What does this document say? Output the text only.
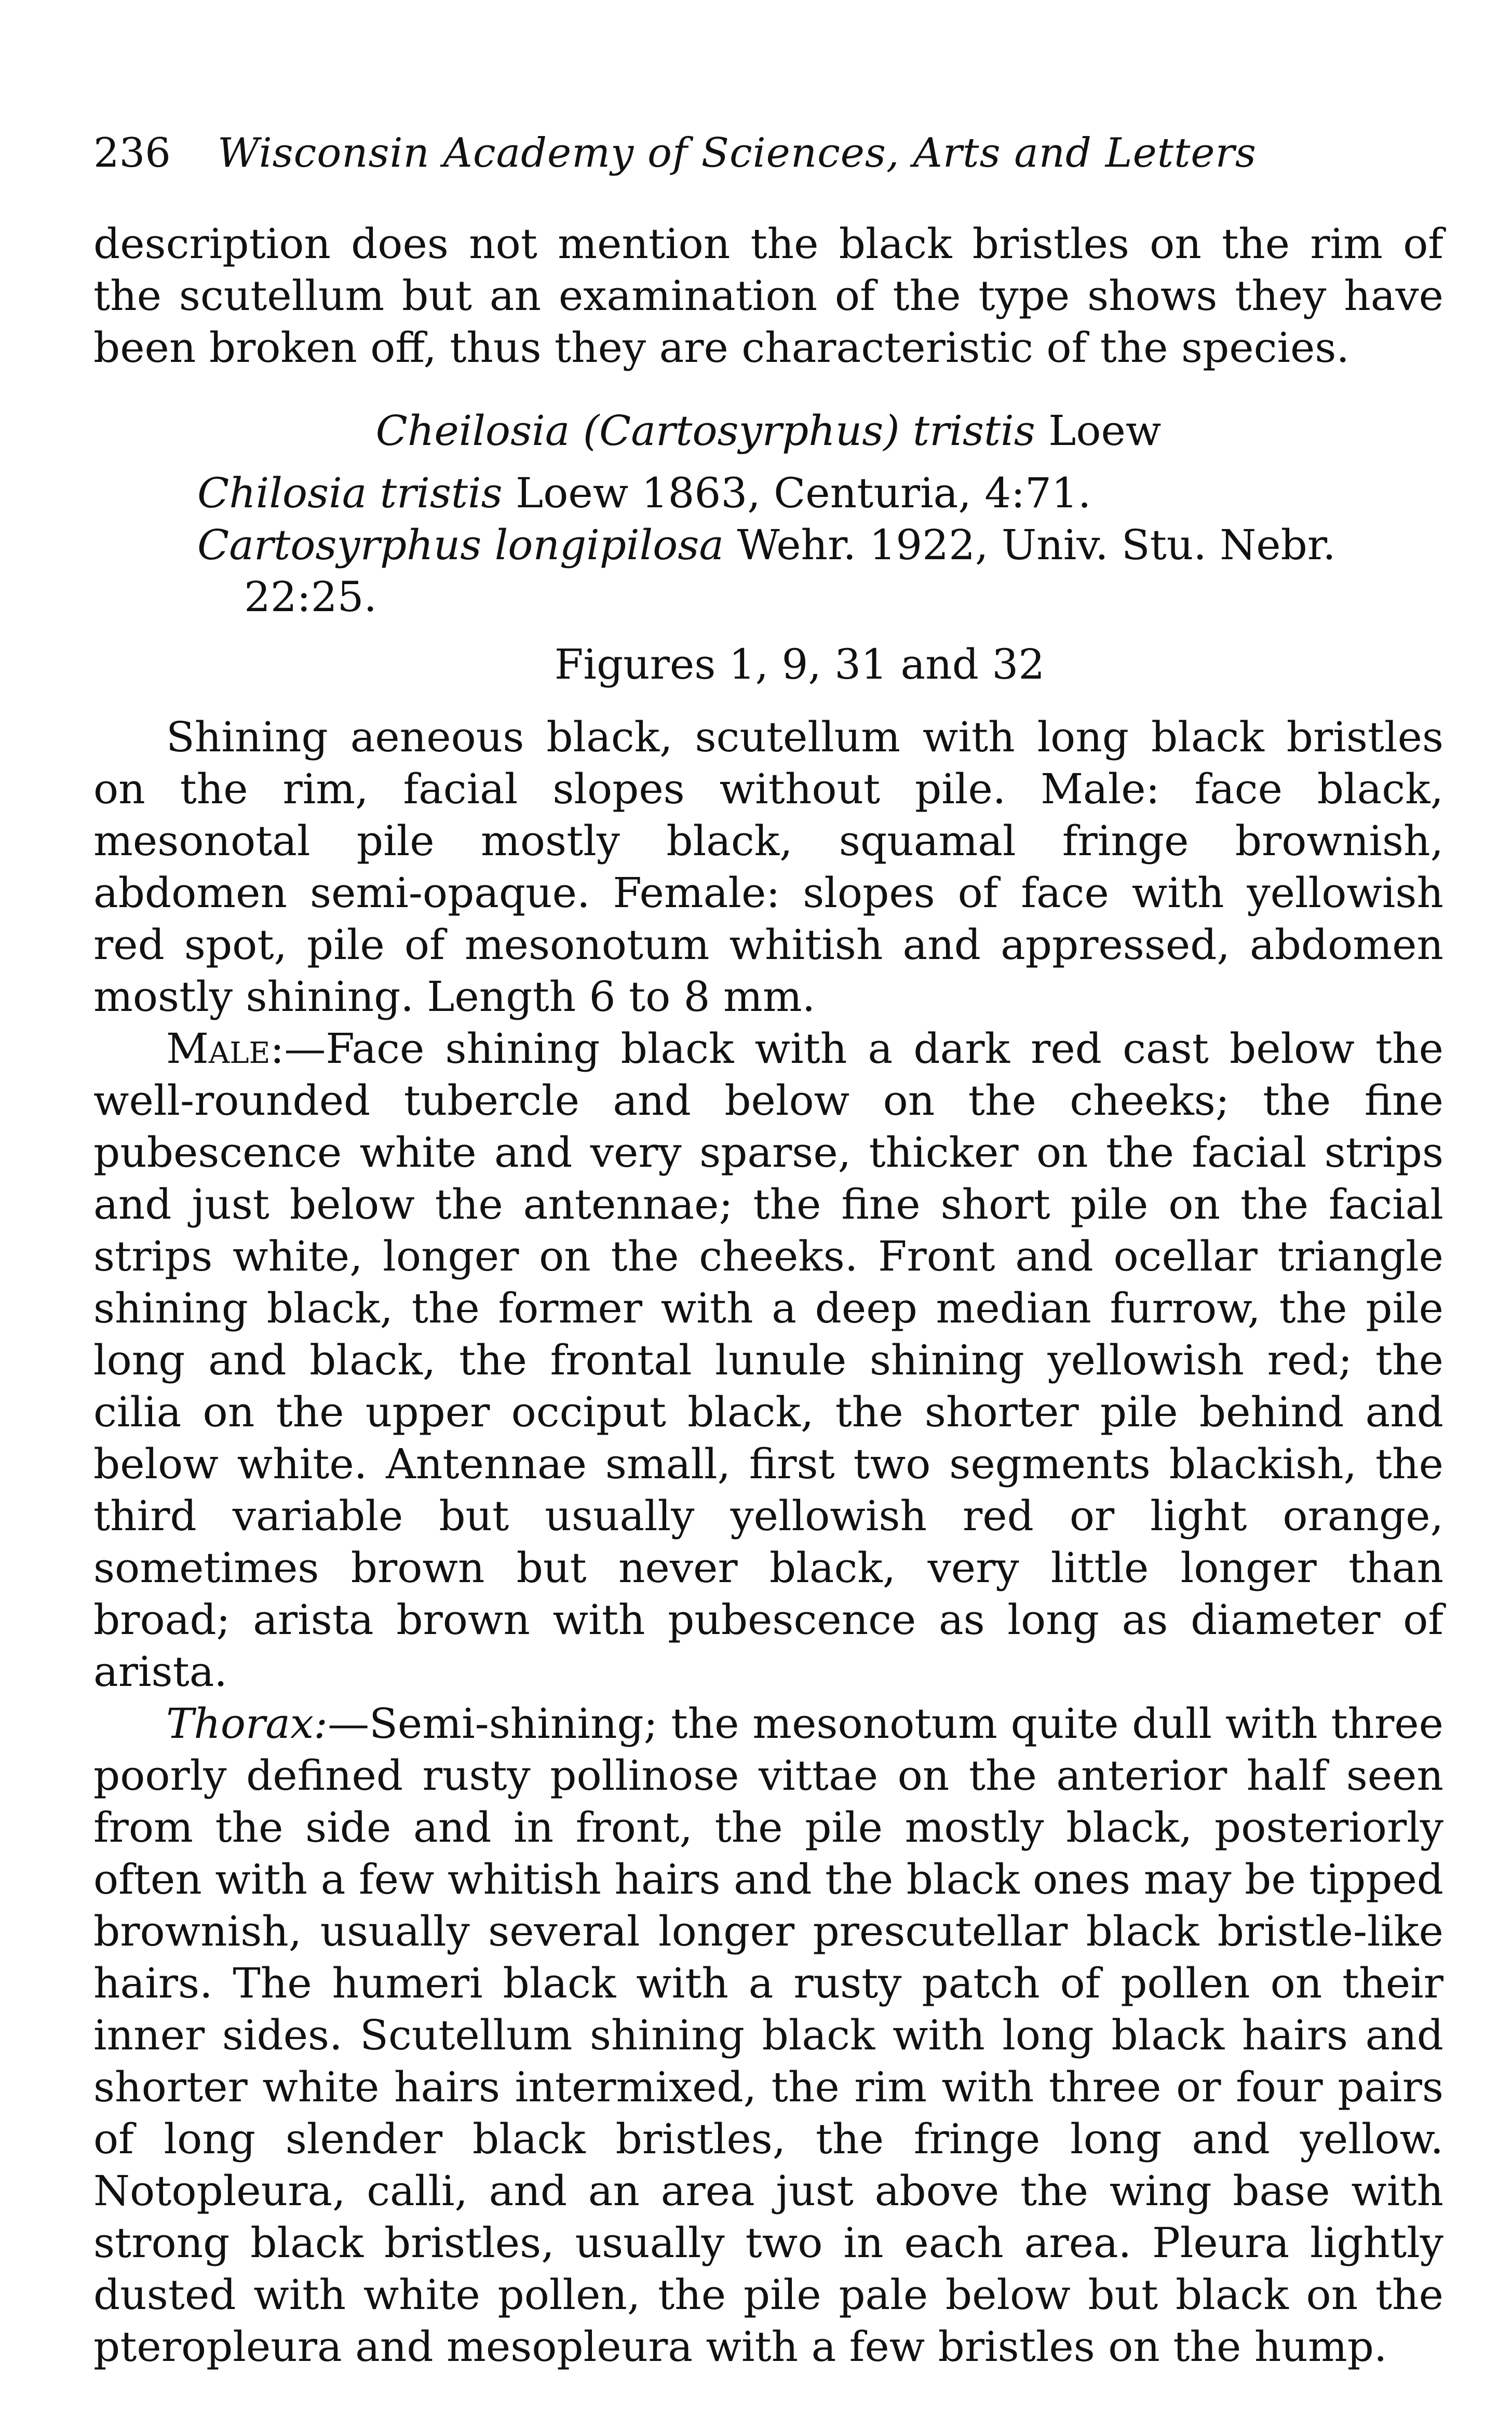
236 Wisconsin Academy of Sciences, Arts and Letters

description does not mention the black bristles on the rim of the scutellum but an examination of the type shows they have been broken off, thus they are characteristic of the species.

Cheilosia (Cartosyrphus) tristis Loew
Chilosia tristis Loew 1863, Centuria, 4:71.
Cartosyrphus longipilosa Wehr. 1922, Univ. Stu. Nebr.
22:25.
Figures 1, 9, 31 and 32

Shining aeneous black, scutellum with long black bristles on the rim, facial slopes without pile. Male: face black, mesonotal pile mostly black, squamal fringe brownish, abdomen semi-opaque. Female: slopes of face with yellowish red spot, pile of mesonotum whitish and appressed, abdomen mostly shining. Length 6 to 8 mm.

Male:—Face shining black with a dark red cast below the well-rounded tubercle and below on the cheeks; the fine pubescence white and very sparse, thicker on the facial strips and just below the antennae; the fine short pile on the facial strips white, longer on the cheeks. Front and ocellar triangle shining black, the former with a deep median furrow, the pile long and black, the frontal lunule shining yellowish red; the cilia on the upper occiput black, the shorter pile behind and below white. Antennae small, first two segments blackish, the third variable but usually yellowish red or light orange, sometimes brown but never black, very little longer than broad; arista brown with pubescence as long as diameter of arista.

Thorax:—Semi-shining; the mesonotum quite dull with three poorly defined rusty pollinose vittae on the anterior half seen from the side and in front, the pile mostly black, posteriorly often with a few whitish hairs and the black ones may be tipped brownish, usually several longer prescutellar black bristle-like hairs. The humeri black with a rusty patch of pollen on their inner sides. Scutellum shining black with long black hairs and shorter white hairs intermixed, the rim with three or four pairs of long slender black bristles, the fringe long and yellow. Notopleura, calli, and an area just above the wing base with strong black bristles, usually two in each area. Pleura lightly dusted with white pollen, the pile pale below but black on the pteropleura and mesopleura with a few bristles on the hump.
